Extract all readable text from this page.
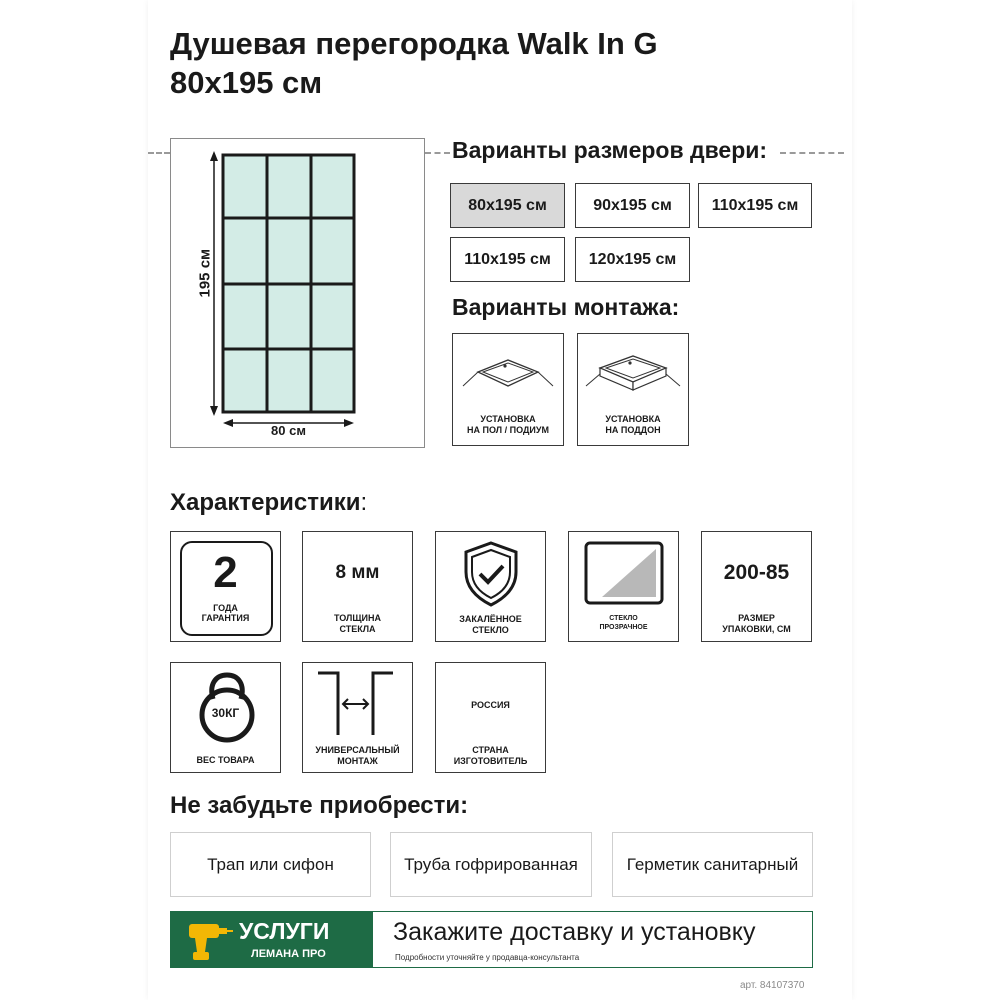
Душевая перегородка Walk In G
80x195 см
195 см
80 см
Варианты размеров двери:
80x195 см	90x195 см	110x195 см
110x195 см	120x195 см
Варианты монтажа:
УСТАНОВКА
НА ПОЛ / ПОДИУМ
УСТАНОВКА
НА ПОДДОН
Характеристики:
2
ГОДА
ГАРАНТИЯ
8 мм
ТОЛЩИНА
СТЕКЛА
ЗАКАЛЁННОЕ
СТЕКЛО
СТЕКЛО
ПРОЗРАЧНОЕ
200-85
РАЗМЕР
УПАКОВКИ, СМ
30КГ
ВЕС ТОВАРА
УНИВЕРСАЛЬНЫЙ
МОНТАЖ
РОССИЯ
СТРАНА
ИЗГОТОВИТЕЛЬ
Не забудьте приобрести:
Трап или сифон	Труба гофрированная	Герметик санитарный
УСЛУГИ
ЛЕМАНА ПРО
Закажите доставку и установку
Подробности уточняйте у продавца-консультанта
арт. 84107370
